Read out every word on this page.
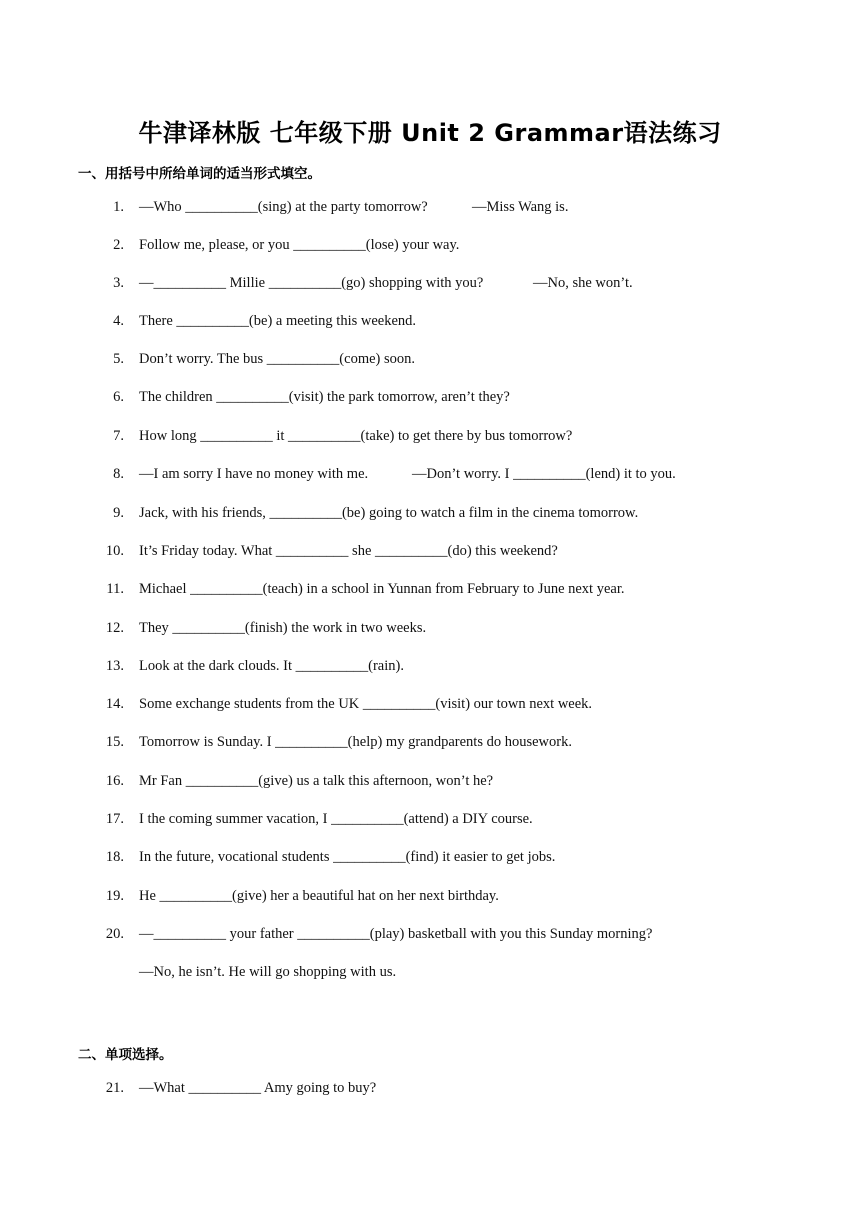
牛津译林版 七年级下册 Unit 2 Grammar语法练习
一、用括号中所给单词的适当形式填空。
1. —Who __________(sing) at the party tomorrow?	—Miss Wang is.
2. Follow me, please, or you __________(lose) your way.
3. —__________ Millie __________(go) shopping with you?	—No, she won’t.
4. There __________(be) a meeting this weekend.
5. Don’t worry. The bus __________(come) soon.
6. The children __________(visit) the park tomorrow, aren’t they?
7. How long __________ it __________(take) to get there by bus tomorrow?
8. —I am sorry I have no money with me.	—Don’t worry. I __________(lend) it to you.
9. Jack, with his friends, __________(be) going to watch a film in the cinema tomorrow.
10. It’s Friday today. What __________ she __________(do) this weekend?
11. Michael __________(teach) in a school in Yunnan from February to June next year.
12. They __________(finish) the work in two weeks.
13. Look at the dark clouds. It __________(rain).
14. Some exchange students from the UK __________(visit) our town next week.
15. Tomorrow is Sunday. I __________(help) my grandparents do housework.
16. Mr Fan __________(give) us a talk this afternoon, won’t he?
17. I the coming summer vacation, I __________(attend) a DIY course.
18. In the future, vocational students __________(find) it easier to get jobs.
19. He __________(give) her a beautiful hat on her next birthday.
20. —__________ your father __________(play) basketball with you this Sunday morning?
—No, he isn’t. He will go shopping with us.
二、单项选择。
21. —What __________ Amy going to buy?
